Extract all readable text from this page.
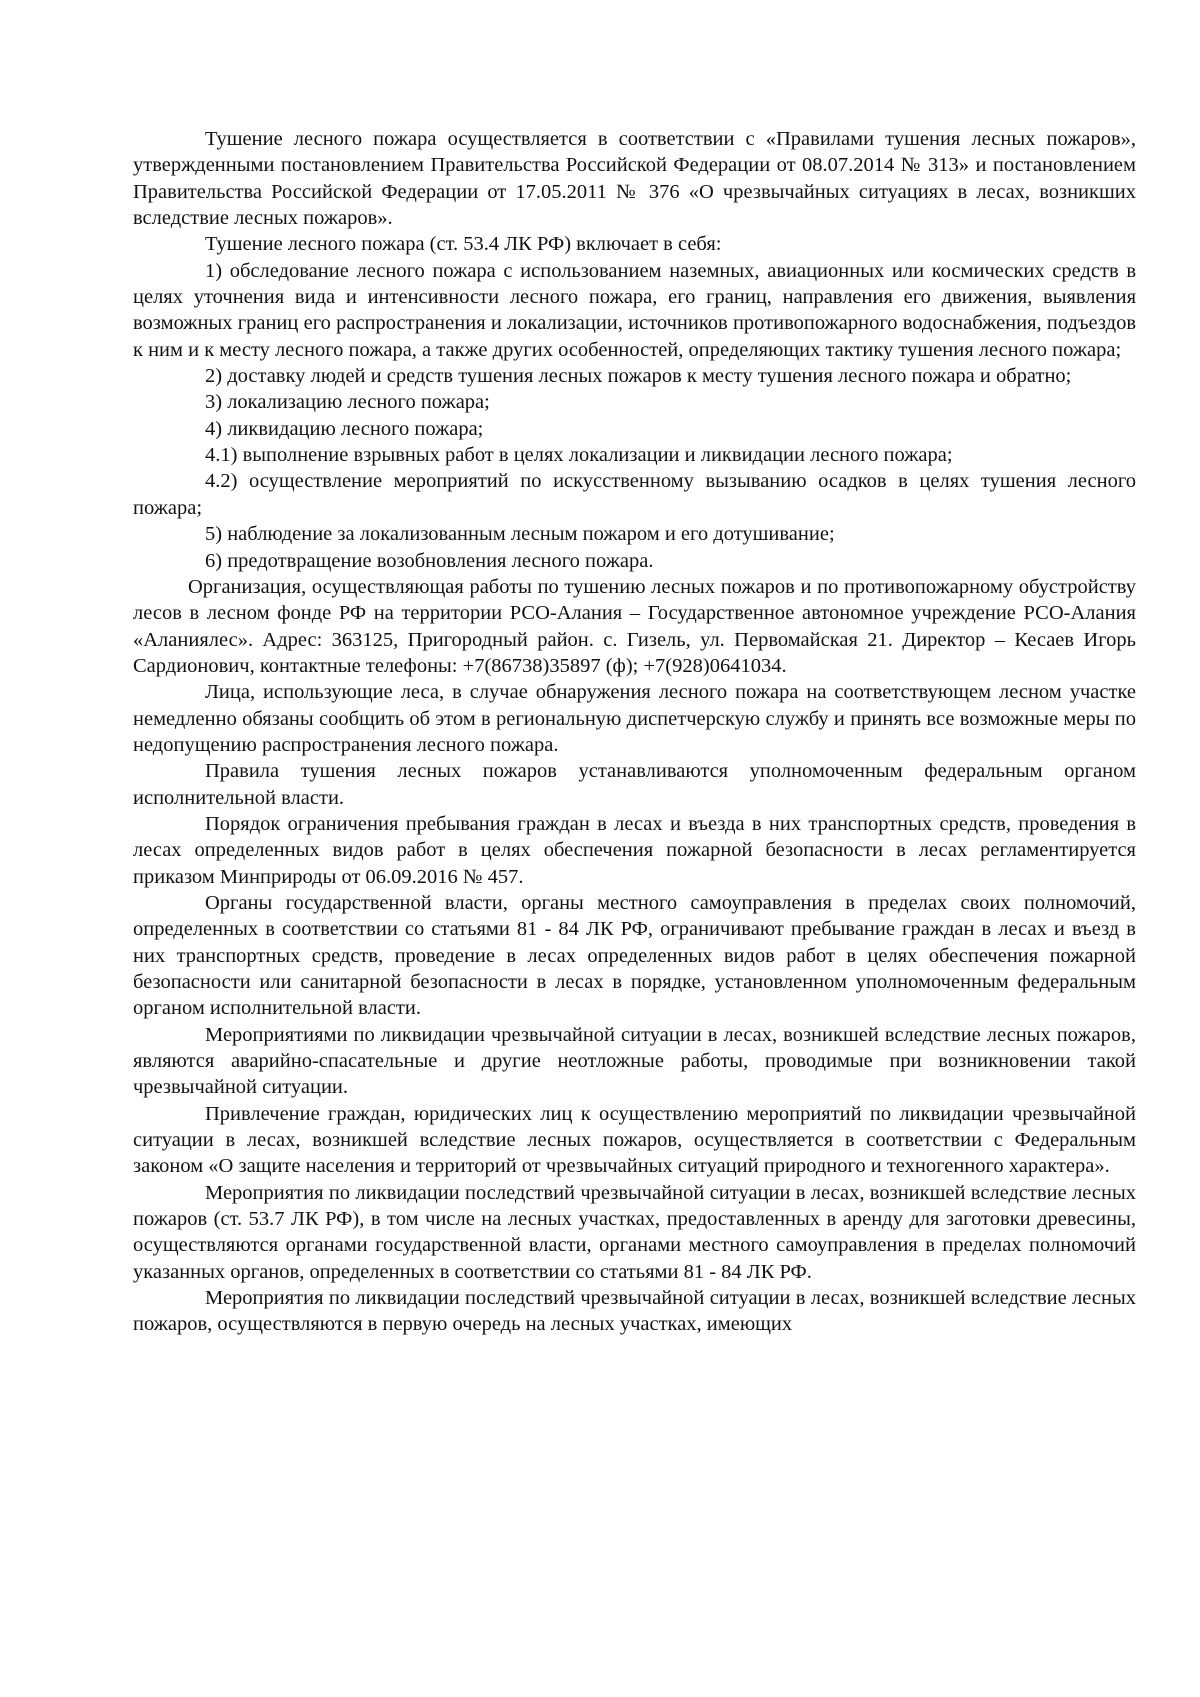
Тушение лесного пожара осуществляется в соответствии с «Правилами тушения лесных пожаров», утвержденными постановлением Правительства Российской Федерации от 08.07.2014 № 313» и постановлением Правительства Российской Федерации от 17.05.2011 № 376 «О чрезвычайных ситуациях в лесах, возникших вследствие лесных пожаров».

Тушение лесного пожара (ст. 53.4 ЛК РФ) включает в себя:

1) обследование лесного пожара с использованием наземных, авиационных или космических средств в целях уточнения вида и интенсивности лесного пожара, его границ, направления его движения, выявления возможных границ его распространения и локализации, источников противопожарного водоснабжения, подъездов к ним и к месту лесного пожара, а также других особенностей, определяющих тактику тушения лесного пожара;

2) доставку людей и средств тушения лесных пожаров к месту тушения лесного пожара и обратно;

3) локализацию лесного пожара;

4) ликвидацию лесного пожара;

4.1) выполнение взрывных работ в целях локализации и ликвидации лесного пожара;

4.2) осуществление мероприятий по искусственному вызыванию осадков в целях тушения лесного пожара;

5) наблюдение за локализованным лесным пожаром и его дотушивание;

6) предотвращение возобновления лесного пожара.

Организация, осуществляющая работы по тушению лесных пожаров и по противопожарному обустройству лесов в лесном фонде РФ на территории РСО-Алания – Государственное автономное учреждение РСО-Алания «Аланиялес». Адрес: 363125, Пригородный район. с. Гизель, ул. Первомайская 21. Директор – Кесаев Игорь Сардионович, контактные телефоны: +7(86738)35897 (ф); +7(928)0641034.

Лица, использующие леса, в случае обнаружения лесного пожара на соответствующем лесном участке немедленно обязаны сообщить об этом в региональную диспетчерскую службу и принять все возможные меры по недопущению распространения лесного пожара.

Правила тушения лесных пожаров устанавливаются уполномоченным федеральным органом исполнительной власти.

Порядок ограничения пребывания граждан в лесах и въезда в них транспортных средств, проведения в лесах определенных видов работ в целях обеспечения пожарной безопасности в лесах регламентируется приказом Минприроды от 06.09.2016 № 457.

Органы государственной власти, органы местного самоуправления в пределах своих полномочий, определенных в соответствии со статьями 81 - 84 ЛК РФ, ограничивают пребывание граждан в лесах и въезд в них транспортных средств, проведение в лесах определенных видов работ в целях обеспечения пожарной безопасности или санитарной безопасности в лесах в порядке, установленном уполномоченным федеральным органом исполнительной власти.

Мероприятиями по ликвидации чрезвычайной ситуации в лесах, возникшей вследствие лесных пожаров, являются аварийно-спасательные и другие неотложные работы, проводимые при возникновении такой чрезвычайной ситуации.

Привлечение граждан, юридических лиц к осуществлению мероприятий по ликвидации чрезвычайной ситуации в лесах, возникшей вследствие лесных пожаров, осуществляется в соответствии с Федеральным законом «О защите населения и территорий от чрезвычайных ситуаций природного и техногенного характера».

Мероприятия по ликвидации последствий чрезвычайной ситуации в лесах, возникшей вследствие лесных пожаров (ст. 53.7 ЛК РФ), в том числе на лесных участках, предоставленных в аренду для заготовки древесины, осуществляются органами государственной власти, органами местного самоуправления в пределах полномочий указанных органов, определенных в соответствии со статьями 81 - 84 ЛК РФ.

Мероприятия по ликвидации последствий чрезвычайной ситуации в лесах, возникшей вследствие лесных пожаров, осуществляются в первую очередь на лесных участках, имеющих
